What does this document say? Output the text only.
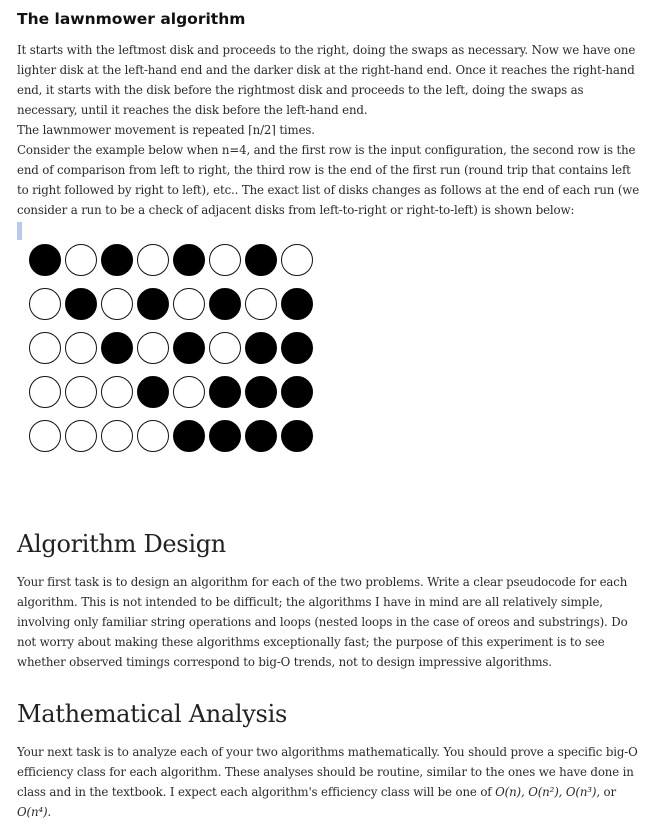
The lawnmower algorithm

It starts with the leftmost disk and proceeds to the right, doing the swaps as necessary. Now we have one lighter disk at the left-hand end and the darker disk at the right-hand end. Once it reaches the right-hand end, it starts with the disk before the rightmost disk and proceeds to the left, doing the swaps as necessary, until it reaches the disk before the left-hand end.

The lawnmower movement is repeated ⌈n/2⌉ times.

Consider the example below when n=4, and the first row is the input configuration, the second row is the end of comparison from left to right, the third row is the end of the first run (round trip that contains left to right followed by right to left), etc.. The exact list of disks changes as follows at the end of each run (we consider a run to be a check of adjacent disks from left-to-right or right-to-left) is shown below:

Algorithm Design

Your first task is to design an algorithm for each of the two problems. Write a clear pseudocode for each algorithm. This is not intended to be difficult; the algorithms I have in mind are all relatively simple, involving only familiar string operations and loops (nested loops in the case of oreos and substrings). Do not worry about making these algorithms exceptionally fast; the purpose of this experiment is to see whether observed timings correspond to big-O trends, not to design impressive algorithms.

Mathematical Analysis

Your next task is to analyze each of your two algorithms mathematically. You should prove a specific big-O efficiency class for each algorithm. These analyses should be routine, similar to the ones we have done in class and in the textbook. I expect each algorithm's efficiency class will be one of O(n), O(n²), O(n³), or O(n⁴).
